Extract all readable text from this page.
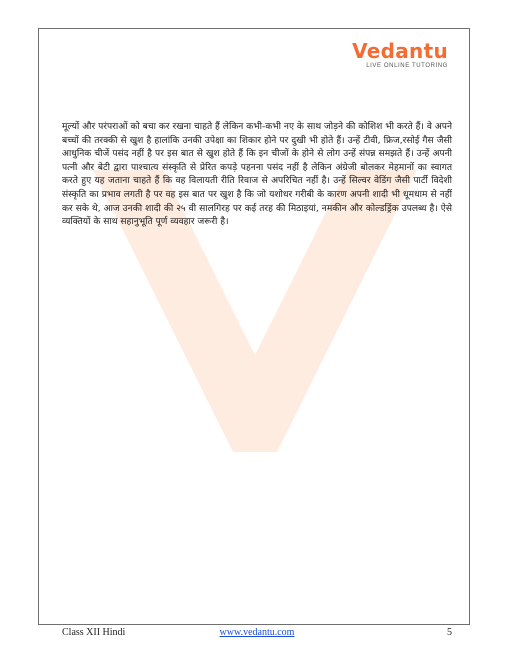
Vedantu
LIVE ONLINE TUTORING

मूल्यों और परंपराओं को बचा कर रखना चाहते हैं लेकिन कभी-कभी नए के साथ जोड़ने की कोशिश भी करते हैं। वे अपने बच्चों की तरक्की से खुश है हालांकि उनकी उपेक्षा का शिकार होने पर दुखी भी होते हैं। उन्हें टीवी, फ्रिज,रसोई गैस जैसी आधुनिक चीजें पसंद नहीं है पर इस बात से खुश होते हैं कि इन चीजों के होने से लोग उन्हें संपन्न समझते हैं। उन्हें अपनी पत्नी और बेटी द्वारा पाश्चात्य संस्कृति से प्रेरित कपड़े पहनना पसंद नहीं है लेकिन अंग्रेजी बोलकर मेहमानों का स्वागत करते हुए यह जताना चाहते हैं कि वह विलायती रीति रिवाज से अपरिचित नहीं है। उन्हें सिल्वर वेडिंग जैसी पार्टी विदेशी संस्कृति का प्रभाव लगती है पर वह इस बात पर खुश है कि जो यशोधर गरीबी के कारण अपनी शादी भी धूमधाम से नहीं कर सके थे, आज उनकी शादी की २५ वी सालगिरह पर कई तरह की मिठाइयां, नमकीन और कोल्डड्रिंक उपलब्ध है। ऐसे व्यक्तियों के साथ सहानुभूति पूर्ण व्यवहार जरूरी है।

Class XII Hindi	www.vedantu.com	5
